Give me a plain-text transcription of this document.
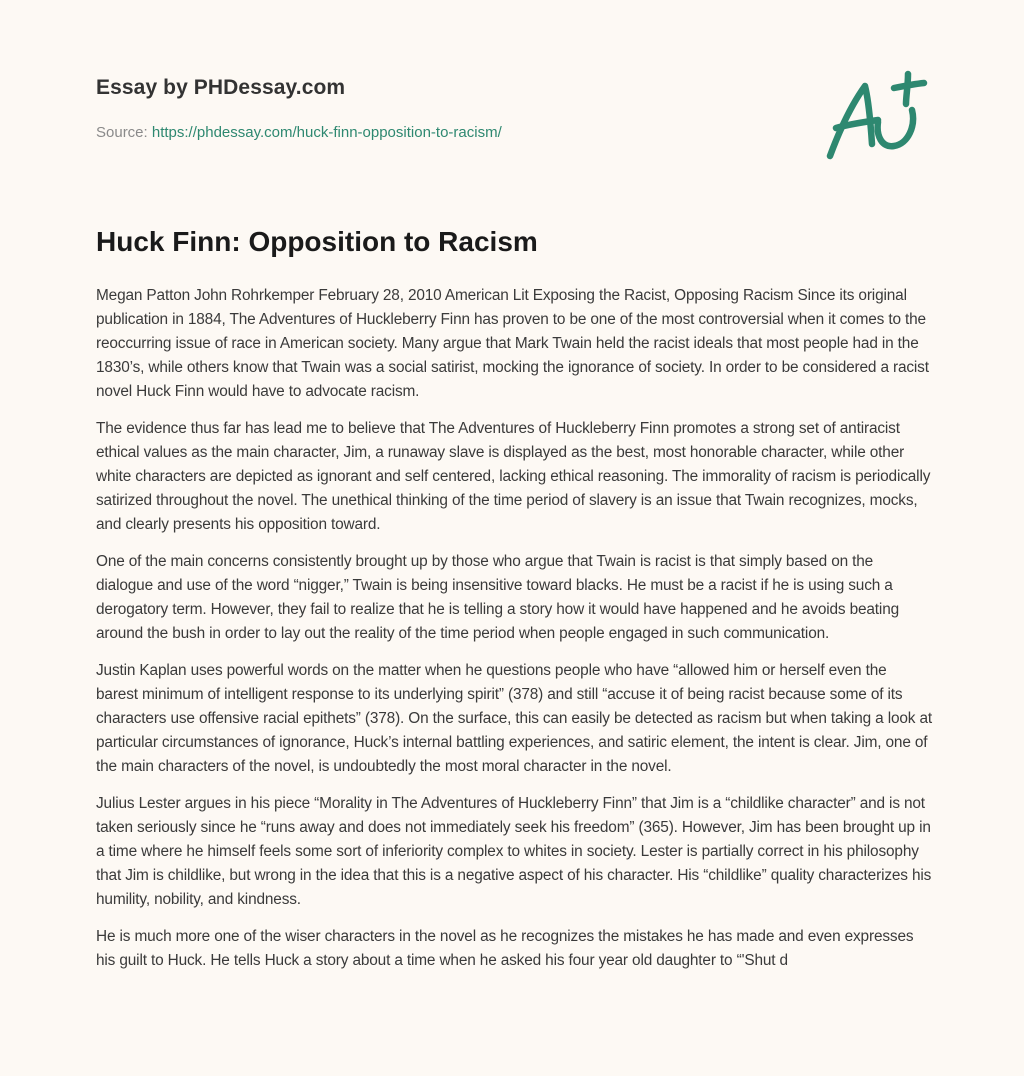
Essay by PHDessay.com
Source: https://phdessay.com/huck-finn-opposition-to-racism/
Huck Finn: Opposition to Racism

Megan Patton John Rohrkemper February 28, 2010 American Lit Exposing the Racist, Opposing Racism Since its original publication in 1884, The Adventures of Huckleberry Finn has proven to be one of the most controversial when it comes to the reoccurring issue of race in American society. Many argue that Mark Twain held the racist ideals that most people had in the 1830’s, while others know that Twain was a social satirist, mocking the ignorance of society. In order to be considered a racist novel Huck Finn would have to advocate racism.

The evidence thus far has lead me to believe that The Adventures of Huckleberry Finn promotes a strong set of antiracist ethical values as the main character, Jim, a runaway slave is displayed as the best, most honorable character, while other white characters are depicted as ignorant and self centered, lacking ethical reasoning. The immorality of racism is periodically satirized throughout the novel. The unethical thinking of the time period of slavery is an issue that Twain recognizes, mocks, and clearly presents his opposition toward.

One of the main concerns consistently brought up by those who argue that Twain is racist is that simply based on the dialogue and use of the word “nigger,” Twain is being insensitive toward blacks. He must be a racist if he is using such a derogatory term. However, they fail to realize that he is telling a story how it would have happened and he avoids beating around the bush in order to lay out the reality of the time period when people engaged in such communication.

Justin Kaplan uses powerful words on the matter when he questions people who have “allowed him or herself even the barest minimum of intelligent response to its underlying spirit” (378) and still “accuse it of being racist because some of its characters use offensive racial epithets” (378). On the surface, this can easily be detected as racism but when taking a look at particular circumstances of ignorance, Huck’s internal battling experiences, and satiric element, the intent is clear. Jim, one of the main characters of the novel, is undoubtedly the most moral character in the novel.

Julius Lester argues in his piece “Morality in The Adventures of Huckleberry Finn” that Jim is a “childlike character” and is not taken seriously since he “runs away and does not immediately seek his freedom” (365). However, Jim has been brought up in a time where he himself feels some sort of inferiority complex to whites in society. Lester is partially correct in his philosophy that Jim is childlike, but wrong in the idea that this is a negative aspect of his character. His “childlike” quality characterizes his humility, nobility, and kindness.

He is much more one of the wiser characters in the novel as he recognizes the mistakes he has made and even expresses his guilt to Huck. He tells Huck a story about a time when he asked his four year old daughter to “'Shut d
